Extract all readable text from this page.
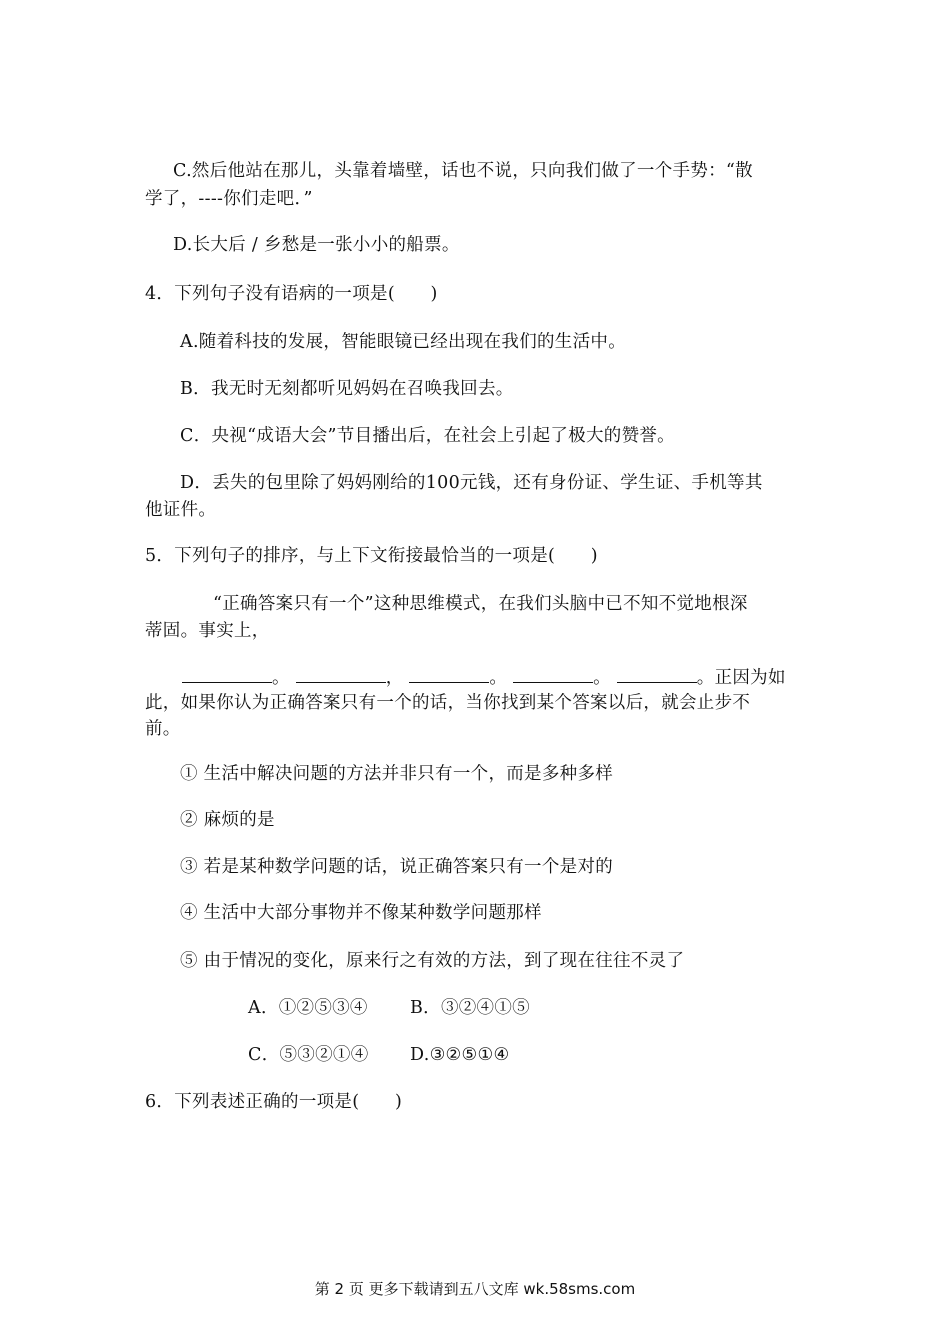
C.然后他站在那儿，头靠着墙壁，话也不说，只向我们做了一个手势：“散
学了，----你们走吧．”
D.长大后 / 乡愁是一张小小的船票。
4．下列句子没有语病的一项是(　　)
A.随着科技的发展，智能眼镜已经出现在我们的生活中。
B．我无时无刻都听见妈妈在召唤我回去。
C．央视“成语大会”节目播出后，在社会上引起了极大的赞誉。
D．丢失的包里除了妈妈刚给的100元钱，还有身份证、学生证、手机等其
他证件。
5．下列句子的排序，与上下文衔接最恰当的一项是(　　)
“正确答案只有一个”这种思维模式，在我们头脑中已不知不觉地根深
蒂固。事实上，
。	，	。	。	。正因为如
此，如果你认为正确答案只有一个的话，当你找到某个答案以后，就会止步不
前。
① 生活中解决问题的方法并非只有一个，而是多种多样
② 麻烦的是
③ 若是某种数学问题的话，说正确答案只有一个是对的
④ 生活中大部分事物并不像某种数学问题那样
⑤ 由于情况的变化，原来行之有效的方法，到了现在往往不灵了
A．①②⑤③④ B．③②④①⑤
C．⑤③②①④ D.③②⑤①④
6．下列表述正确的一项是(　　)
第 2 页 更多下载请到五八文库 wk.58sms.com
